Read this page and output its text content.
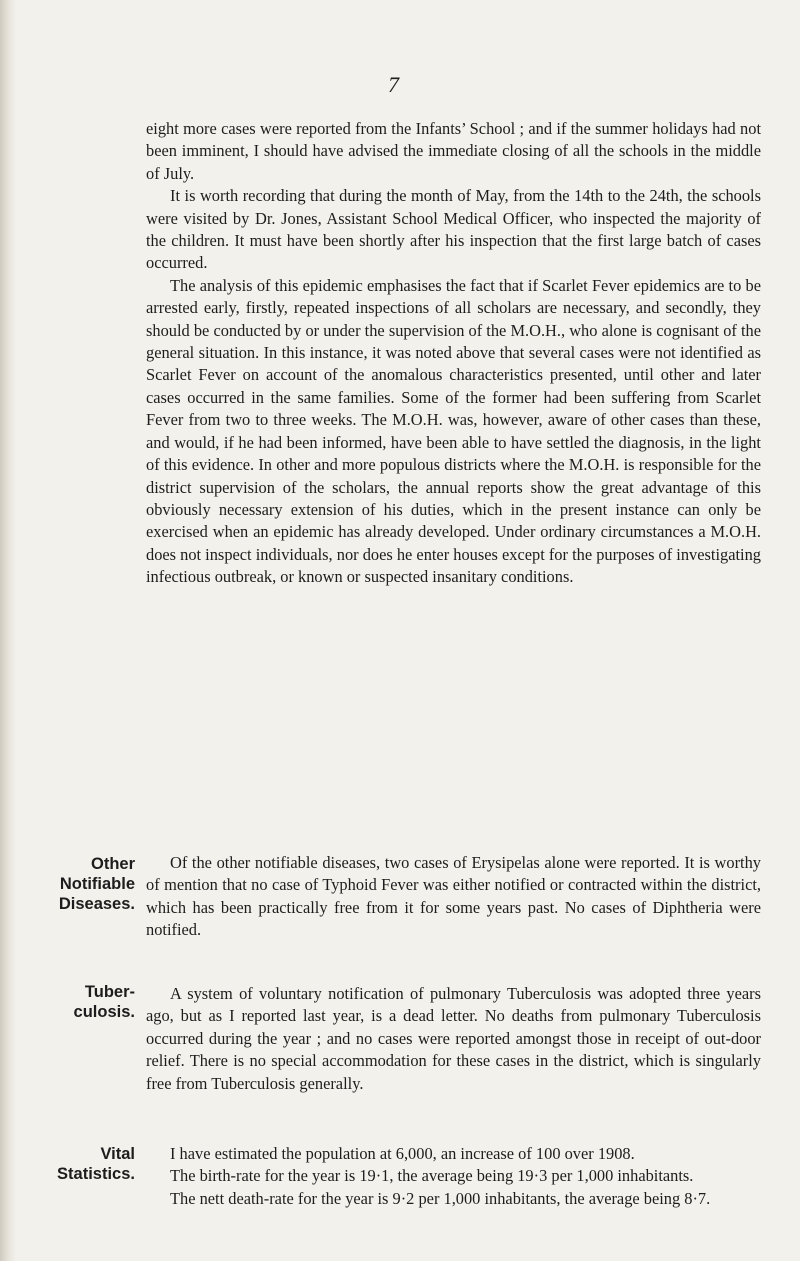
7

eight more cases were reported from the Infants’ School ; and if the summer holidays had not been imminent, I should have advised the immediate closing of all the schools in the middle of July.

It is worth recording that during the month of May, from the 14th to the 24th, the schools were visited by Dr. Jones, Assistant School Medical Officer, who inspected the majority of the children. It must have been shortly after his inspection that the first large batch of cases occurred.

The analysis of this epidemic emphasises the fact that if Scarlet Fever epidemics are to be arrested early, firstly, repeated inspections of all scholars are necessary, and secondly, they should be conducted by or under the supervision of the M.O.H., who alone is cognisant of the general situation. In this instance, it was noted above that several cases were not identified as Scarlet Fever on account of the anomalous characteristics presented, until other and later cases occurred in the same families. Some of the former had been suffering from Scarlet Fever from two to three weeks. The M.O.H. was, however, aware of other cases than these, and would, if he had been informed, have been able to have settled the diagnosis, in the light of this evidence. In other and more populous districts where the M.O.H. is responsible for the district supervision of the scholars, the annual reports show the great advantage of this obviously necessary extension of his duties, which in the present instance can only be exercised when an epidemic has already developed. Under ordinary circumstances a M.O.H. does not inspect individuals, nor does he enter houses except for the purposes of investigating infectious outbreak, or known or suspected insanitary conditions.

Other
Notifiable
Diseases.

Of the other notifiable diseases, two cases of Erysipelas alone were reported. It is worthy of mention that no case of Typhoid Fever was either notified or contracted within the district, which has been practically free from it for some years past. No cases of Diphtheria were notified.

Tuber-
culosis.

A system of voluntary notification of pulmonary Tuberculosis was adopted three years ago, but as I reported last year, is a dead letter. No deaths from pulmonary Tuberculosis occurred during the year ; and no cases were reported amongst those in receipt of out-door relief. There is no special accommodation for these cases in the district, which is singularly free from Tuberculosis generally.

Vital
Statistics.

I have estimated the population at 6,000, an increase of 100 over 1908.

The birth-rate for the year is 19·1, the average being 19·3 per 1,000 inhabitants.

The nett death-rate for the year is 9·2 per 1,000 inhabitants, the average being 8·7.
